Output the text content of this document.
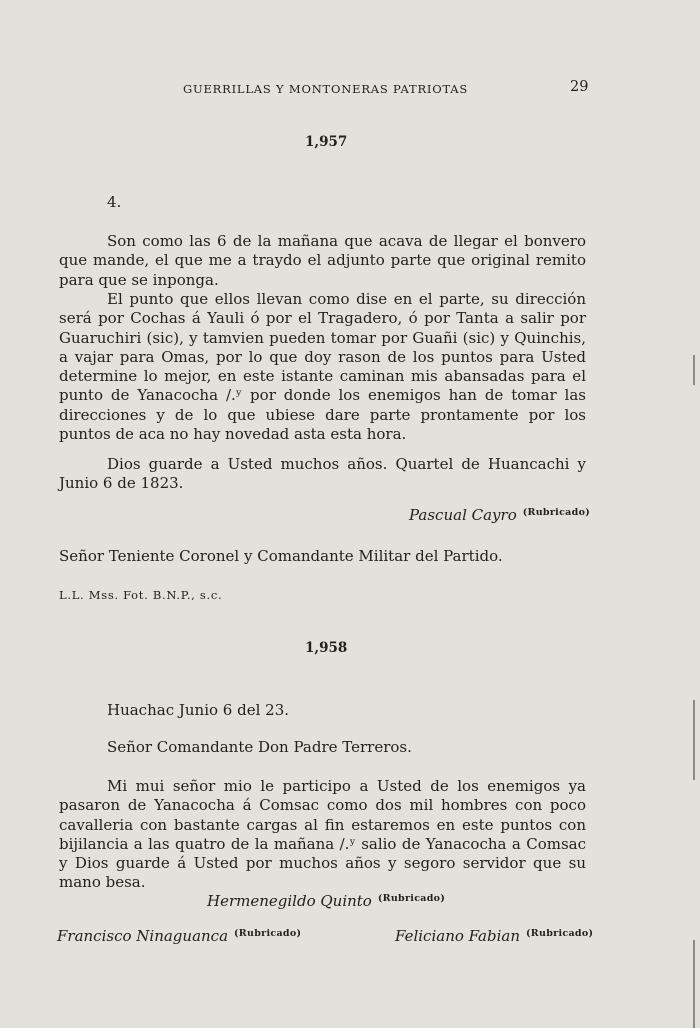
GUERRILLAS Y MONTONERAS PATRIOTAS	29
1,957
4.

Son como las 6 de la mañana que acava de llegar el bonvero que mande, el que me a traydo el adjunto parte que original remito para que se inponga.

El punto que ellos llevan como dise en el parte, su dirección será por Cochas á Yauli ó por el Tragadero, ó por Tanta a salir por Guaruchiri (sic), y tamvien pueden tomar por Guañi (sic) y Quinchis, a vajar para Omas, por lo que doy rason de los puntos para Usted determine lo mejor, en este istante caminan mis abansadas para el punto de Yanacocha /.ʸ por donde los enemigos han de tomar las direcciones y de lo que ubiese dare parte prontamente por los puntos de aca no hay novedad asta esta hora.

Dios guarde a Usted muchos años. Quartel de Huancachi y Junio 6 de 1823.

Pascual Cayro $^{(Rubricado)}$
Señor Teniente Coronel y Comandante Militar del Partido.
L.L. Mss. Fot. B.N.P., s.c.
1,958
Huachac Junio 6 del 23.
Señor Comandante Don Padre Terreros.

Mi mui señor mio le participo a Usted de los enemigos ya pasaron de Yanacocha á Comsac como dos mil hombres con poco cavalleria con bastante cargas al fin estaremos en este puntos con bijilancia a las quatro de la mañana /.ʸ salio de Yanacocha a Comsac y Dios guarde á Usted por muchos años y segoro servidor que su mano besa.

Hermenegildo Quinto $^{(Rubricado)}$
Francisco Ninaguanca $^{(Rubricado)}$	Feliciano Fabian $^{(Rubricado)}$
